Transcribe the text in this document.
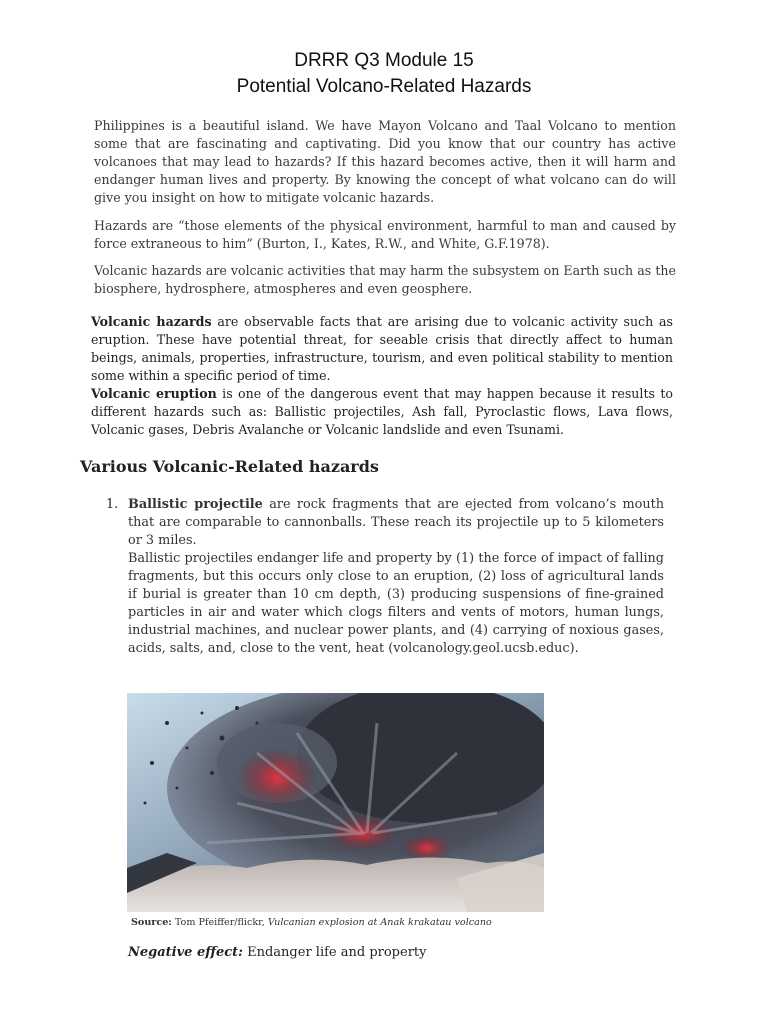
DRRR Q3 Module 15
Potential Volcano-Related Hazards

Philippines is a beautiful island. We have Mayon Volcano and Taal Volcano to mention some that are fascinating and captivating. Did you know that our country has active volcanoes that may lead to hazards? If this hazard becomes active, then it will harm and endanger human lives and property. By knowing the concept of what volcano can do will give you insight on how to mitigate volcanic hazards.

Hazards are “those elements of the physical environment, harmful to man and caused by force extraneous to him” (Burton, I., Kates, R.W., and White, G.F.1978).

Volcanic hazards are volcanic activities that may harm the subsystem on Earth such as the biosphere, hydrosphere, atmospheres and even geosphere.

Volcanic hazards are observable facts that are arising due to volcanic activity such as eruption. These have potential threat, for seeable crisis that directly affect to human beings, animals, properties, infrastructure, tourism, and even political stability to mention some within a specific period of time.

Volcanic eruption is one of the dangerous event that may happen because it results to different hazards such as: Ballistic projectiles, Ash fall, Pyroclastic flows, Lava flows, Volcanic gases, Debris Avalanche or Volcanic landslide and even Tsunami.

Various Volcanic-Related hazards
1. Ballistic projectile are rock fragments that are ejected from volcano’s mouth that are comparable to cannonballs. These reach its projectile up to 5 kilometers or 3 miles.

Ballistic projectiles endanger life and property by (1) the force of impact of falling fragments, but this occurs only close to an eruption, (2) loss of agricultural lands if burial is greater than 10 cm depth, (3) producing suspensions of fine-grained particles in air and water which clogs filters and vents of motors, human lungs, industrial machines, and nuclear power plants, and (4) carrying of noxious gases, acids, salts, and, close to the vent, heat (volcanology.geol.ucsb.educ).

Source: Tom Pfeiffer/flickr, Vulcanian explosion at Anak krakatau volcano
Negative effect: Endanger life and property
